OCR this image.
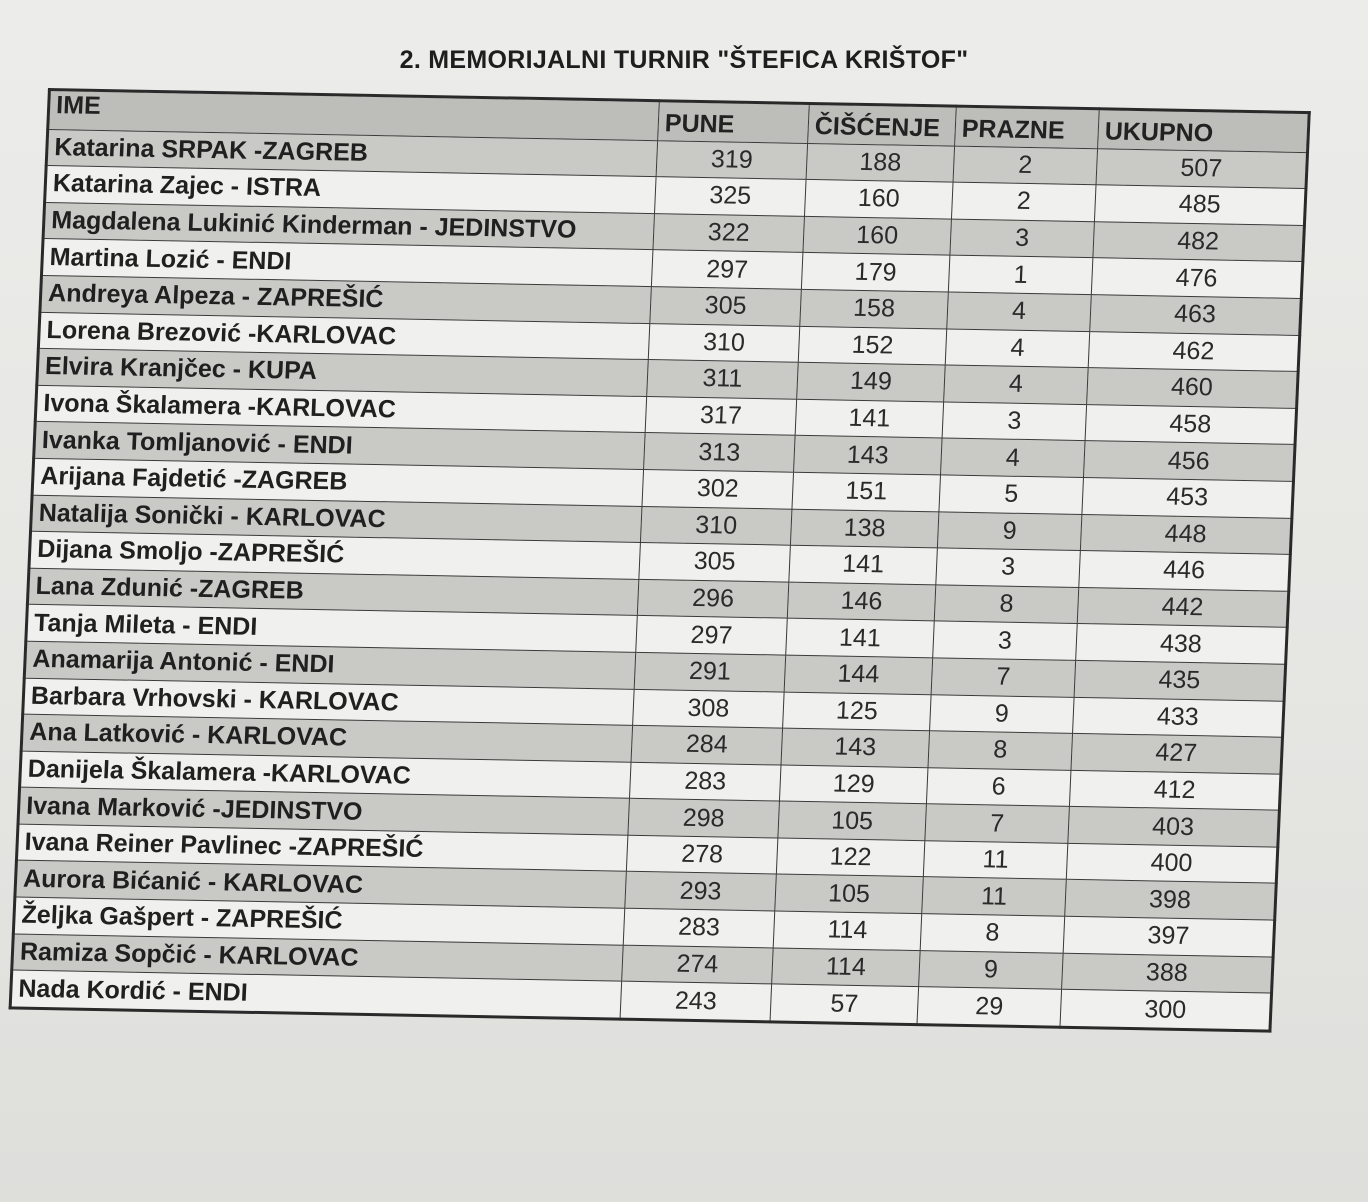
2. MEMORIJALNI TURNIR "ŠTEFICA KRIŠTOF"
IME	PUNE	ČIŠĆENJE	PRAZNE	UKUPNO
Katarina SRPAK -ZAGREB	319	188	2	507
Katarina Zajec - ISTRA	325	160	2	485
Magdalena Lukinić Kinderman - JEDINSTVO	322	160	3	482
Martina Lozić - ENDI	297	179	1	476
Andreya Alpeza - ZAPREŠIĆ	305	158	4	463
Lorena Brezović -KARLOVAC	310	152	4	462
Elvira Kranjčec - KUPA	311	149	4	460
Ivona Škalamera -KARLOVAC	317	141	3	458
Ivanka Tomljanović - ENDI	313	143	4	456
Arijana Fajdetić -ZAGREB	302	151	5	453
Natalija Sonički - KARLOVAC	310	138	9	448
Dijana Smoljo -ZAPREŠIĆ	305	141	3	446
Lana Zdunić -ZAGREB	296	146	8	442
Tanja Mileta - ENDI	297	141	3	438
Anamarija Antonić - ENDI	291	144	7	435
Barbara Vrhovski - KARLOVAC	308	125	9	433
Ana Latković - KARLOVAC	284	143	8	427
Danijela Škalamera -KARLOVAC	283	129	6	412
Ivana Marković -JEDINSTVO	298	105	7	403
Ivana Reiner Pavlinec -ZAPREŠIĆ	278	122	11	400
Aurora Bićanić - KARLOVAC	293	105	11	398
Željka Gašpert - ZAPREŠIĆ	283	114	8	397
Ramiza Sopčić - KARLOVAC	274	114	9	388
Nada Kordić - ENDI	243	57	29	300
